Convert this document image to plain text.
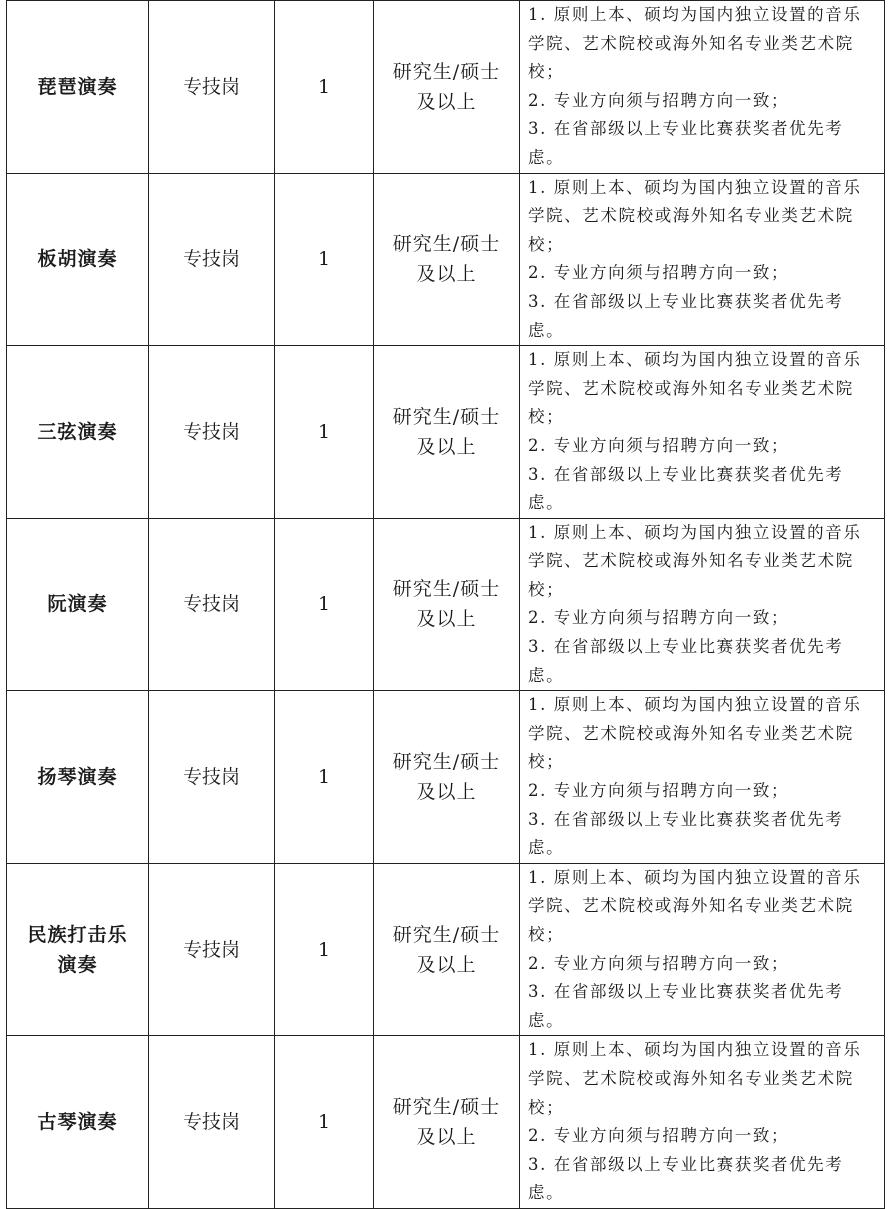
琵琶演奏	专技岗	1	研究生/硕士及以上	1. 原则上本、硕均为国内独立设置的音乐学院、艺术院校或海外知名专业类艺术院校；
2. 专业方向须与招聘方向一致；
3. 在省部级以上专业比赛获奖者优先考虑。

板胡演奏	专技岗	1	研究生/硕士及以上	1. 原则上本、硕均为国内独立设置的音乐学院、艺术院校或海外知名专业类艺术院校；
2. 专业方向须与招聘方向一致；
3. 在省部级以上专业比赛获奖者优先考虑。

三弦演奏	专技岗	1	研究生/硕士及以上	1. 原则上本、硕均为国内独立设置的音乐学院、艺术院校或海外知名专业类艺术院校；
2. 专业方向须与招聘方向一致；
3. 在省部级以上专业比赛获奖者优先考虑。

阮演奏	专技岗	1	研究生/硕士及以上	1. 原则上本、硕均为国内独立设置的音乐学院、艺术院校或海外知名专业类艺术院校；
2. 专业方向须与招聘方向一致；
3. 在省部级以上专业比赛获奖者优先考虑。

扬琴演奏	专技岗	1	研究生/硕士及以上	1. 原则上本、硕均为国内独立设置的音乐学院、艺术院校或海外知名专业类艺术院校；
2. 专业方向须与招聘方向一致；
3. 在省部级以上专业比赛获奖者优先考虑。

民族打击乐演奏	专技岗	1	研究生/硕士及以上	1. 原则上本、硕均为国内独立设置的音乐学院、艺术院校或海外知名专业类艺术院校；
2. 专业方向须与招聘方向一致；
3. 在省部级以上专业比赛获奖者优先考虑。

古琴演奏	专技岗	1	研究生/硕士及以上	1. 原则上本、硕均为国内独立设置的音乐学院、艺术院校或海外知名专业类艺术院校；
2. 专业方向须与招聘方向一致；
3. 在省部级以上专业比赛获奖者优先考虑。
